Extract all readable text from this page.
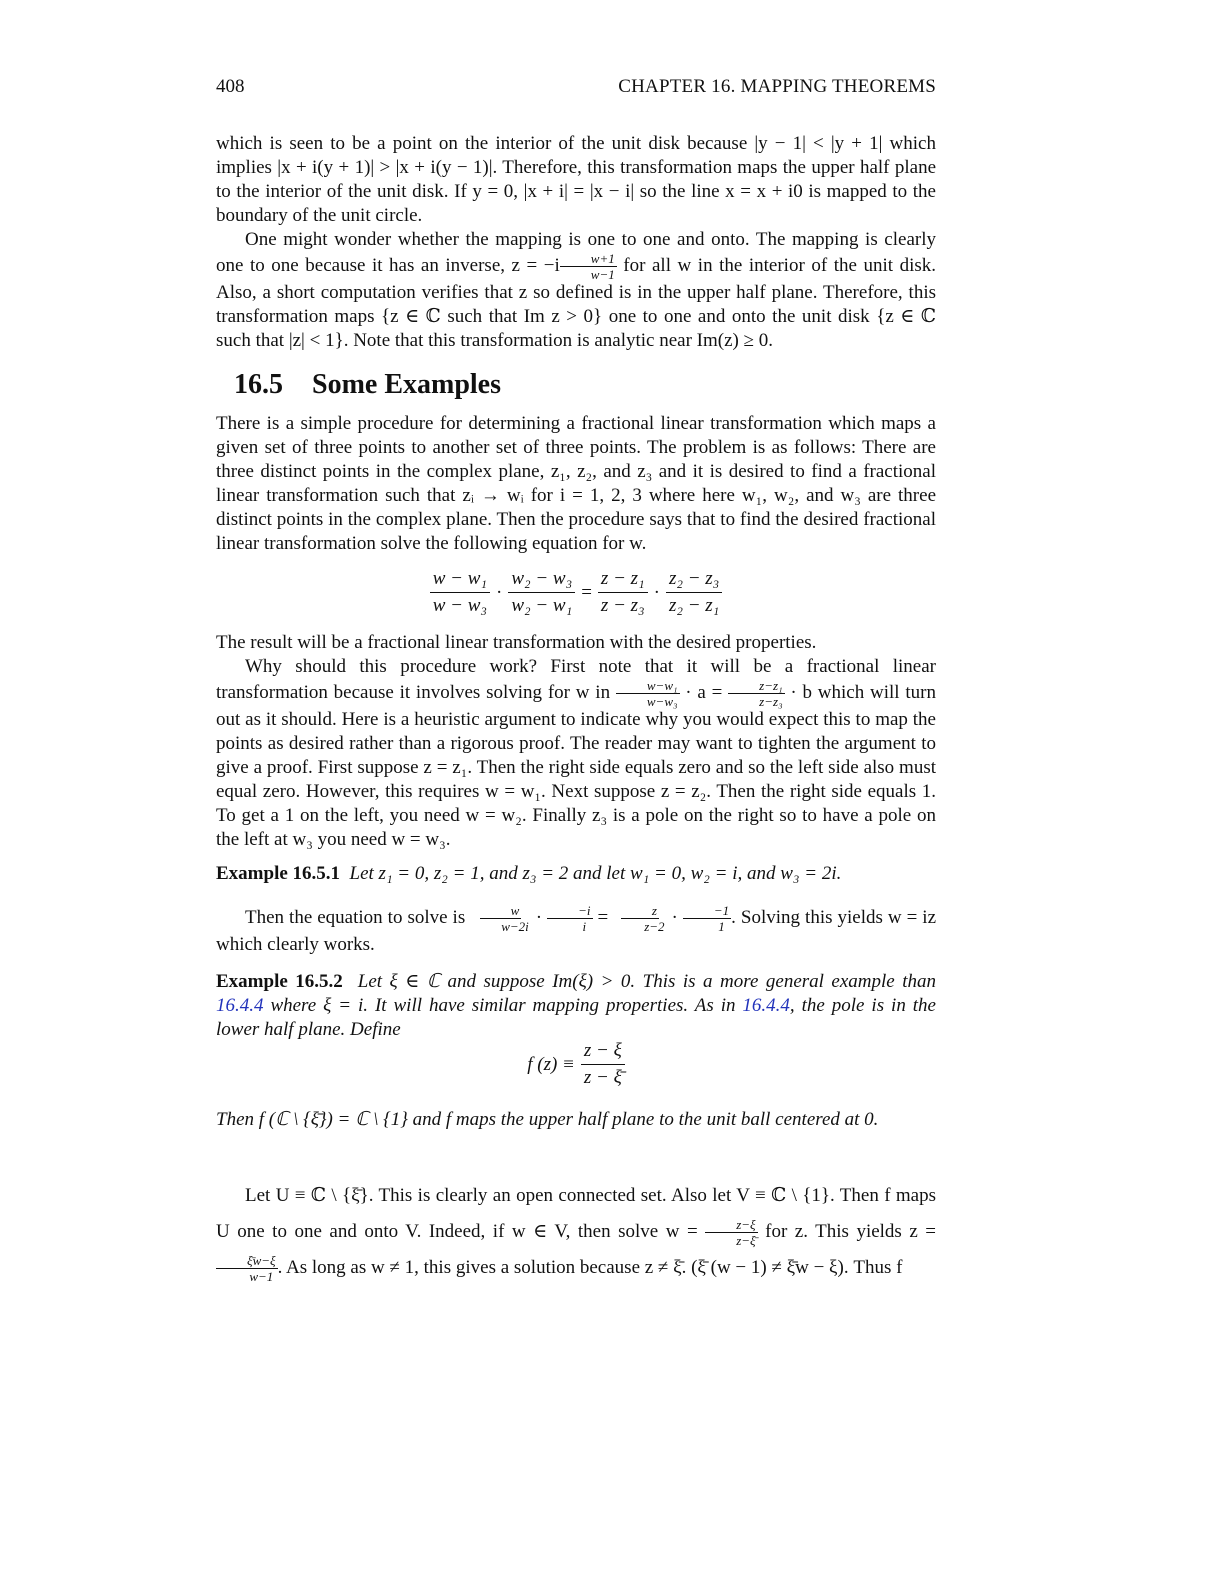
408	CHAPTER 16. MAPPING THEOREMS

which is seen to be a point on the interior of the unit disk because |y − 1| < |y + 1| which implies |x + i(y + 1)| > |x + i(y − 1)|. Therefore, this transformation maps the upper half plane to the interior of the unit disk. If y = 0, |x + i| = |x − i| so the line x = x + i0 is mapped to the boundary of the unit circle.

One might wonder whether the mapping is one to one and onto. The mapping is clearly one to one because it has an inverse, $z = -i \frac{w+1}{w-1}$ for all w in the interior of the unit disk. Also, a short computation verifies that z so defined is in the upper half plane. Therefore, this transformation maps {z ∈ ℂ such that Im z > 0} one to one and onto the unit disk {z ∈ ℂ such that |z| < 1}. Note that this transformation is analytic near Im(z) ≥ 0.

16.5 Some Examples

There is a simple procedure for determining a fractional linear transformation which maps a given set of three points to another set of three points. The problem is as follows: There are three distinct points in the complex plane, z₁, z₂, and z₃ and it is desired to find a fractional linear transformation such that zᵢ → wᵢ for i = 1, 2, 3 where here w₁, w₂, and w₃ are three distinct points in the complex plane. Then the procedure says that to find the desired fractional linear transformation solve the following equation for w.

$\frac{\text{w − w₁}}{\text{w − w₃}} \cdot \frac{\text{w₂ − w₃}}{\text{w₂ − w₁}} = \frac{\text{z − z₁}}{\text{z − z₃}} \cdot \frac{\text{z₂ − z₃}}{\text{z₂ − z₁}}$

The result will be a fractional linear transformation with the desired properties.

Why should this procedure work? First note that it will be a fractional linear transformation because it involves solving for w in $\frac{\text{w−w₁}}{\text{w−w₃}} \cdot a = \frac{\text{z−z₁}}{\text{z−z₃}} \cdot b$ which will turn out as it should. Here is a heuristic argument to indicate why you would expect this to map the points as desired rather than a rigorous proof. The reader may want to tighten the argument to give a proof. First suppose z = z₁. Then the right side equals zero and so the left side also must equal zero. However, this requires w = w₁. Next suppose z = z₂. Then the right side equals 1. To get a 1 on the left, you need w = w₂. Finally z₃ is a pole on the right so to have a pole on the left at w₃ you need w = w₃.

Example 16.5.1 Let z₁ = 0, z₂ = 1, and z₃ = 2 and let w₁ = 0, w₂ = i, and w₃ = 2i.

Then the equation to solve is $\frac{w}{w-2i} \cdot \frac{-i}{i} = \frac{z}{z-2} \cdot \frac{-1}{1}$ . Solving this yields w = iz which clearly works.

Example 16.5.2 Let ξ ∈ ℂ and suppose Im(ξ) > 0. This is a more general example than 16.4.4 where ξ = i. It will have similar mapping properties. As in 16.4.4, the pole is in the lower half plane. Define

f $(z) \equiv \frac{z - \xi}{z - \xī}$

Then f (ℂ \ {ξ̄}) = ℂ \ {1} and f maps the upper half plane to the unit ball centered at 0.

Let U ≡ ℂ \ {ξ̄}. This is clearly an open connected set. Also let V ≡ ℂ \ {1}. Then f maps U one to one and onto V. Indeed, if w ∈ V, then solve $w = \frac{z-\xi}{z-\xī}$ for z. This yields z =
$\frac{\xīw-\xi}{w-1}$ . As long as w ≠ 1, this gives a solution because z ≠ ξ̄. (ξ̄ (w − 1) ≠ ξ̄w − ξ). Thus f
